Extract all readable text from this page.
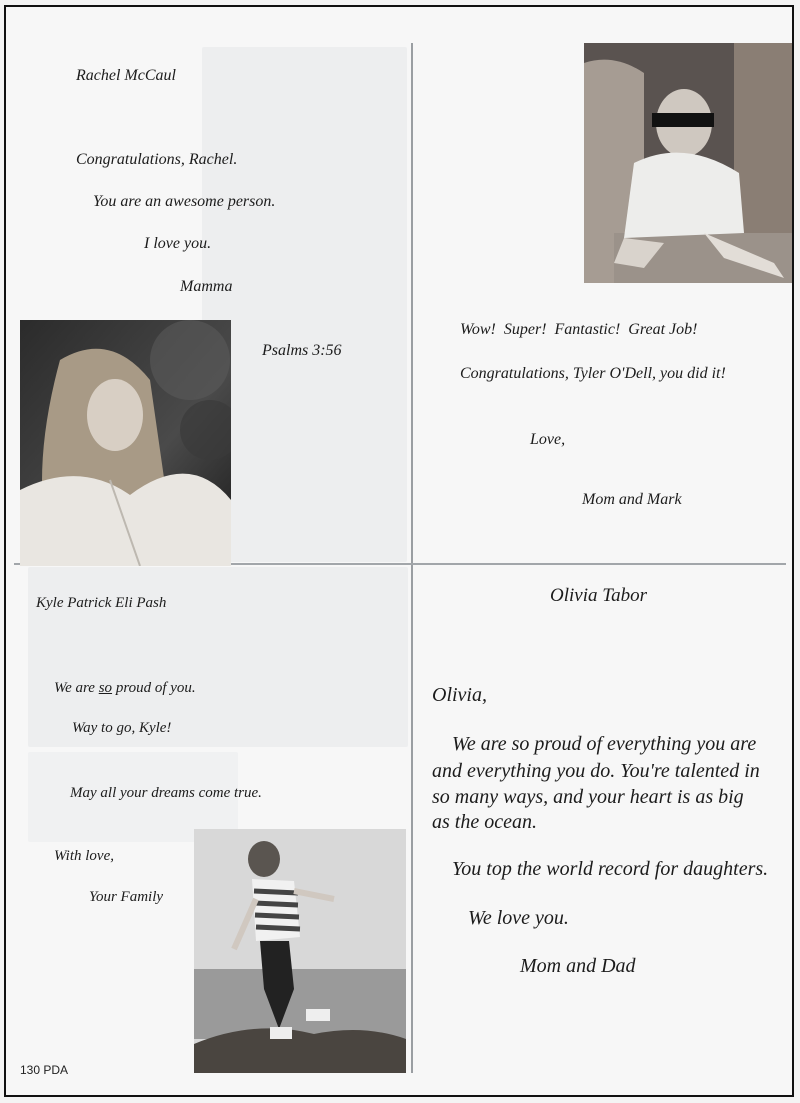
Rachel McCaul
Congratulations, Rachel.
You are an awesome person.
I love you.
Mamma
Psalms 3:56
Wow!  Super!  Fantastic!  Great Job!
Congratulations, Tyler O'Dell, you did it!
Love,
Mom and Mark
Kyle Patrick Eli Pash
We are so proud of you.
Way to go, Kyle!
May all your dreams come true.
With love,
Your Family
Olivia Tabor
Olivia,
We are so proud of everything you are
and everything you do. You're talented in
so many ways, and your heart is as big
as the ocean.
You top the world record for daughters.
We love you.
Mom and Dad
130 PDA
